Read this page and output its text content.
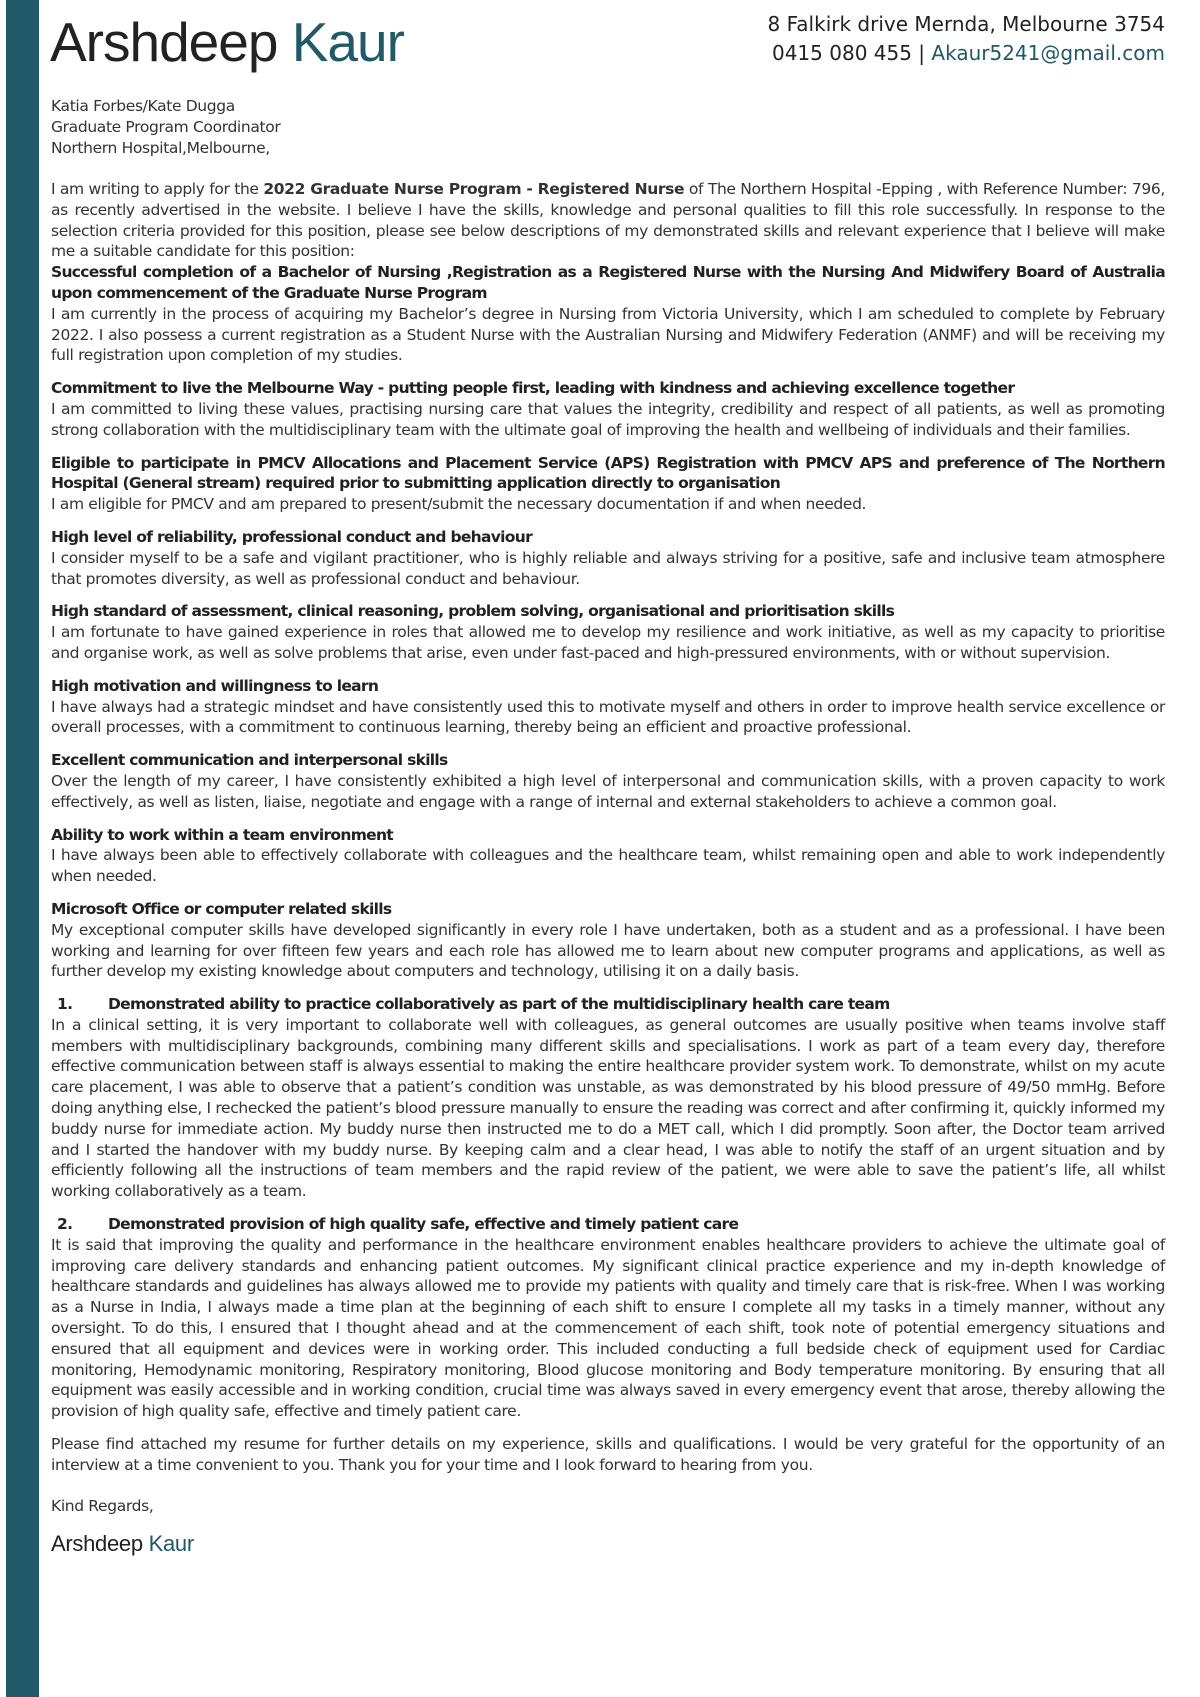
Arshdeep Kaur	8 Falkirk drive Mernda, Melbourne 3754
0415 080 455 | Akaur5241@gmail.com
Katia Forbes/Kate Dugga
Graduate Program Coordinator
Northern Hospital,Melbourne,

I am writing to apply for the 2022 Graduate Nurse Program - Registered Nurse of The Northern Hospital -Epping , with Reference Number: 796, as recently advertised in the website. I believe I have the skills, knowledge and personal qualities to fill this role successfully. In response to the selection criteria provided for this position, please see below descriptions of my demonstrated skills and relevant experience that I believe will make me a suitable candidate for this position:

Successful completion of a Bachelor of Nursing ,Registration as a Registered Nurse with the Nursing And Midwifery Board of Australia upon commencement of the Graduate Nurse Program

I am currently in the process of acquiring my Bachelor’s degree in Nursing from Victoria University, which I am scheduled to complete by February 2022. I also possess a current registration as a Student Nurse with the Australian Nursing and Midwifery Federation (ANMF) and will be receiving my full registration upon completion of my studies.

Commitment to live the Melbourne Way - putting people first, leading with kindness and achieving excellence together

I am committed to living these values, practising nursing care that values the integrity, credibility and respect of all patients, as well as promoting strong collaboration with the multidisciplinary team with the ultimate goal of improving the health and wellbeing of individuals and their families.

Eligible to participate in PMCV Allocations and Placement Service (APS) Registration with PMCV APS and preference of The Northern Hospital (General stream) required prior to submitting application directly to organisation

I am eligible for PMCV and am prepared to present/submit the necessary documentation if and when needed.

High level of reliability, professional conduct and behaviour

I consider myself to be a safe and vigilant practitioner, who is highly reliable and always striving for a positive, safe and inclusive team atmosphere that promotes diversity, as well as professional conduct and behaviour.

High standard of assessment, clinical reasoning, problem solving, organisational and prioritisation skills

I am fortunate to have gained experience in roles that allowed me to develop my resilience and work initiative, as well as my capacity to prioritise and organise work, as well as solve problems that arise, even under fast-paced and high-pressured environments, with or without supervision.

High motivation and willingness to learn

I have always had a strategic mindset and have consistently used this to motivate myself and others in order to improve health service excellence or overall processes, with a commitment to continuous learning, thereby being an efficient and proactive professional.

Excellent communication and interpersonal skills

Over the length of my career, I have consistently exhibited a high level of interpersonal and communication skills, with a proven capacity to work effectively, as well as listen, liaise, negotiate and engage with a range of internal and external stakeholders to achieve a common goal.

Ability to work within a team environment

I have always been able to effectively collaborate with colleagues and the healthcare team, whilst remaining open and able to work independently when needed.

Microsoft Office or computer related skills

My exceptional computer skills have developed significantly in every role I have undertaken, both as a student and as a professional. I have been working and learning for over fifteen few years and each role has allowed me to learn about new computer programs and applications, as well as further develop my existing knowledge about computers and technology, utilising it on a daily basis.

1. Demonstrated ability to practice collaboratively as part of the multidisciplinary health care team

In a clinical setting, it is very important to collaborate well with colleagues, as general outcomes are usually positive when teams involve staff members with multidisciplinary backgrounds, combining many different skills and specialisations. I work as part of a team every day, therefore effective communication between staff is always essential to making the entire healthcare provider system work. To demonstrate, whilst on my acute care placement, I was able to observe that a patient’s condition was unstable, as was demonstrated by his blood pressure of 49/50 mmHg. Before doing anything else, I rechecked the patient’s blood pressure manually to ensure the reading was correct and after confirming it, quickly informed my buddy nurse for immediate action. My buddy nurse then instructed me to do a MET call, which I did promptly. Soon after, the Doctor team arrived and I started the handover with my buddy nurse. By keeping calm and a clear head, I was able to notify the staff of an urgent situation and by efficiently following all the instructions of team members and the rapid review of the patient, we were able to save the patient’s life, all whilst working collaboratively as a team.

2. Demonstrated provision of high quality safe, effective and timely patient care

It is said that improving the quality and performance in the healthcare environment enables healthcare providers to achieve the ultimate goal of improving care delivery standards and enhancing patient outcomes. My significant clinical practice experience and my in-depth knowledge of healthcare standards and guidelines has always allowed me to provide my patients with quality and timely care that is risk-free. When I was working as a Nurse in India, I always made a time plan at the beginning of each shift to ensure I complete all my tasks in a timely manner, without any oversight. To do this, I ensured that I thought ahead and at the commencement of each shift, took note of potential emergency situations and ensured that all equipment and devices were in working order. This included conducting a full bedside check of equipment used for Cardiac monitoring, Hemodynamic monitoring, Respiratory monitoring, Blood glucose monitoring and Body temperature monitoring. By ensuring that all equipment was easily accessible and in working condition, crucial time was always saved in every emergency event that arose, thereby allowing the provision of high quality safe, effective and timely patient care.

Please find attached my resume for further details on my experience, skills and qualifications. I would be very grateful for the opportunity of an interview at a time convenient to you. Thank you for your time and I look forward to hearing from you.

Kind Regards,
Arshdeep Kaur
